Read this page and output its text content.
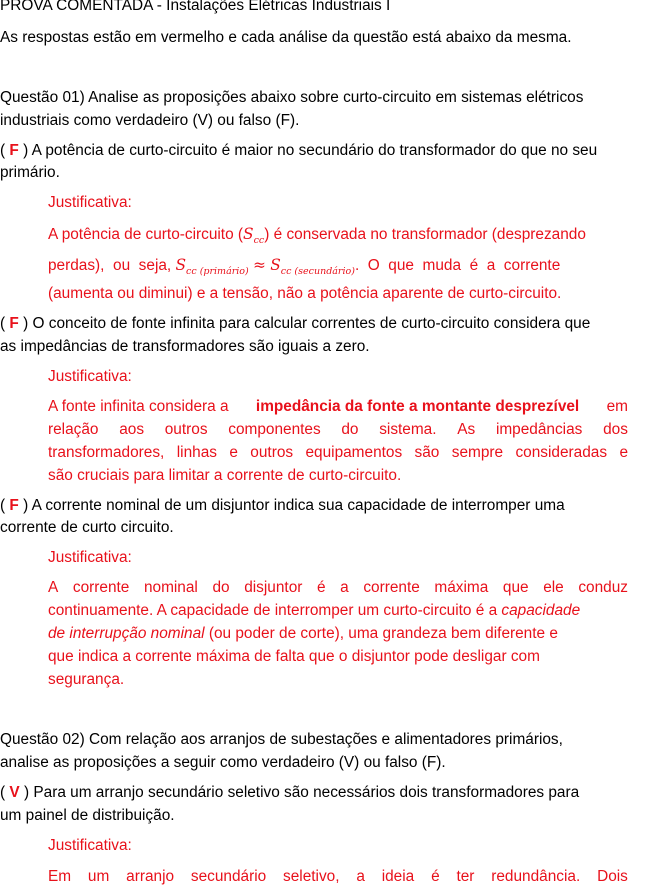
PROVA COMENTADA - Instalações Elétricas Industriais I
As respostas estão em vermelho e cada análise da questão está abaixo da mesma.
Questão 01) Analise as proposições abaixo sobre curto-circuito em sistemas elétricos
industriais como verdadeiro (V) ou falso (F).
( F ) A potência de curto-circuito é maior no secundário do transformador do que no seu
primário.
Justificativa:
A potência de curto-circuito $(S_{cc})$ é conservada no transformador (desprezando
perdas),  ou  seja, $S_{cc (primário)} \approx S_{cc (secundário)}$.  O  que  muda  é  a  corrente
(aumenta ou diminui) e a tensão, não a potência aparente de curto-circuito.
( F ) O conceito de fonte infinita para calcular correntes de curto-circuito considera que
as impedâncias de transformadores são iguais a zero.
Justificativa:
A fonte infinita considera a impedância da fonte a montante desprezível em
relação aos outros componentes do sistema. As impedâncias dos
transformadores, linhas e outros equipamentos são sempre consideradas e
são cruciais para limitar a corrente de curto-circuito.
( F ) A corrente nominal de um disjuntor indica sua capacidade de interromper uma
corrente de curto circuito.
Justificativa:
A corrente nominal do disjuntor é a corrente máxima que ele conduz
continuamente. A capacidade de interromper um curto-circuito é a capacidade
de interrupção nominal (ou poder de corte), uma grandeza bem diferente e
que indica a corrente máxima de falta que o disjuntor pode desligar com
segurança.
Questão 02) Com relação aos arranjos de subestações e alimentadores primários,
analise as proposições a seguir como verdadeiro (V) ou falso (F).
( V ) Para um arranjo secundário seletivo são necessários dois transformadores para
um painel de distribuição.
Justificativa:
Em um arranjo secundário seletivo, a ideia é ter redundância. Dois
